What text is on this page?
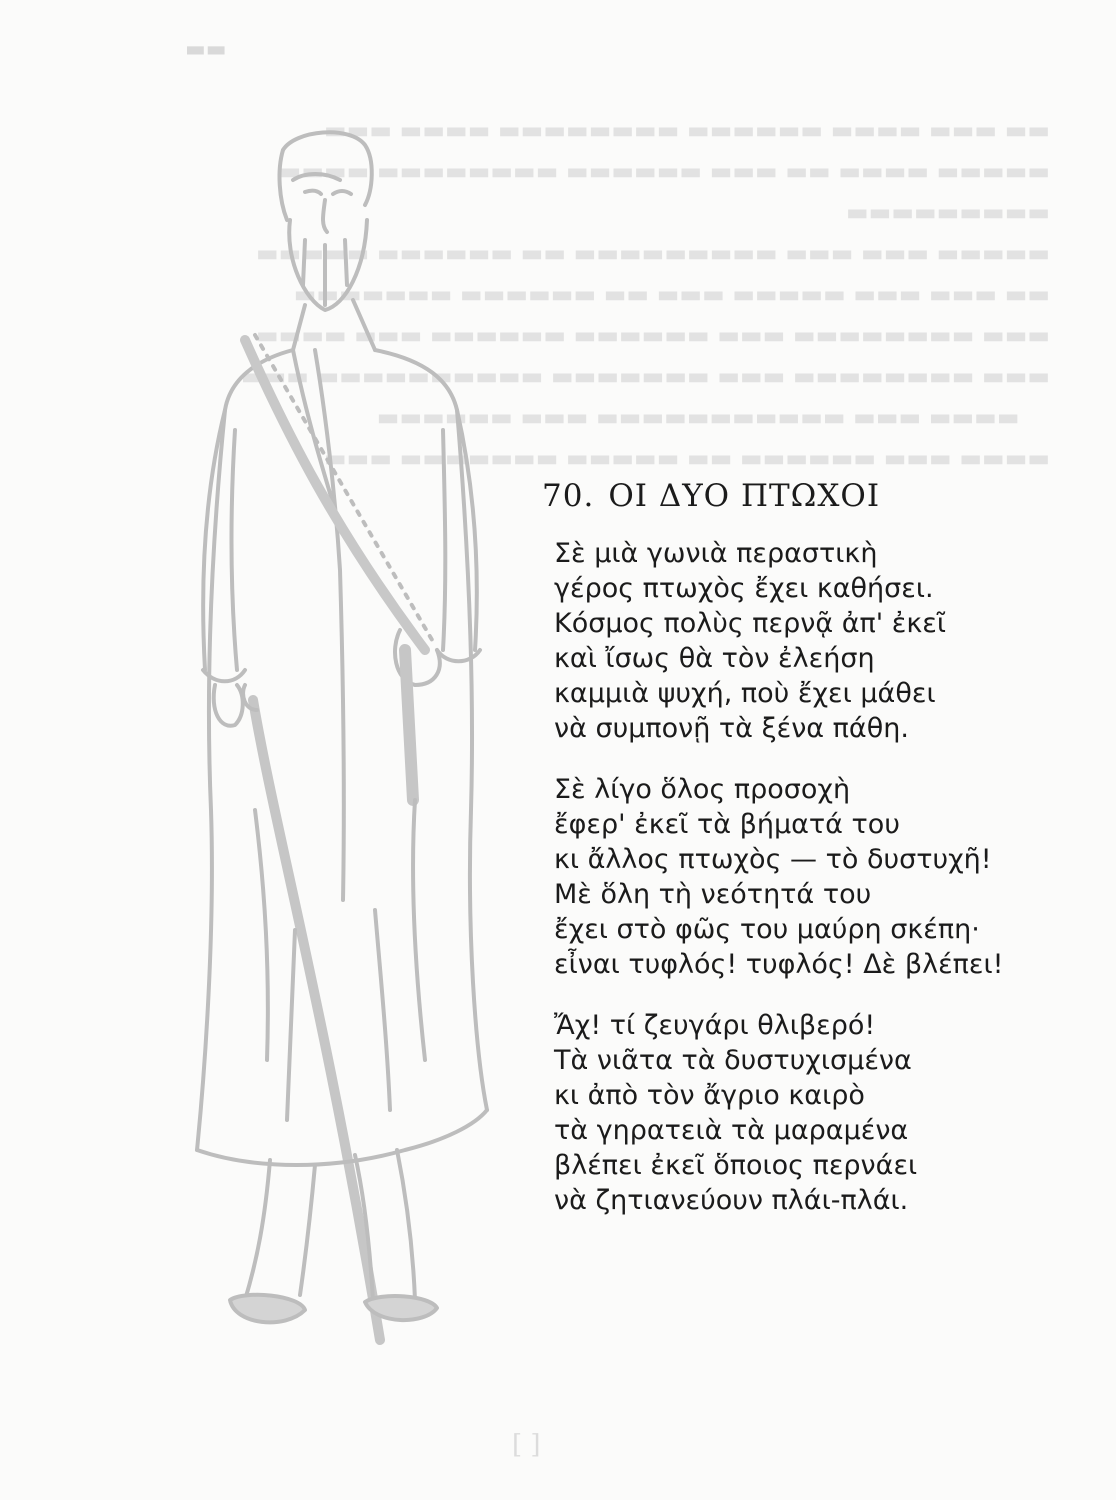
▬▬ ▬▬▬ ▬▬▬▬ ▬▬▬▬▬▬ ▬▬▬▬▬▬▬▬ ▬▬▬▬ ▬▬▬
▬▬▬▬▬ ▬▬▬▬ ▬▬ ▬▬▬ ▬▬▬▬▬▬ ▬▬▬▬▬▬▬▬ ▬▬▬▬
▬▬▬▬▬▬▬▬▬
▬▬▬▬▬ ▬▬▬ ▬▬▬ ▬▬▬▬▬▬▬▬▬ ▬▬ ▬▬▬▬▬▬ ▬▬▬▬▬
▬▬ ▬▬▬ ▬▬▬ ▬▬▬▬▬ ▬▬▬ ▬▬ ▬▬▬▬▬▬ ▬▬▬▬▬▬▬
▬▬▬ ▬▬▬▬▬▬▬▬ ▬▬▬ ▬▬▬▬▬▬ ▬▬▬▬▬▬ ▬▬▬ ▬▬▬▬
▬▬▬ ▬▬▬▬▬▬▬▬ ▬▬▬ ▬▬▬▬▬▬▬ ▬▬▬▬▬▬▬▬▬▬ ▬▬▬
▬▬▬▬ ▬▬▬ ▬▬▬▬▬▬▬▬▬▬▬ ▬▬▬ ▬▬▬▬▬▬
▬▬▬▬ ▬▬▬ ▬▬▬▬▬▬ ▬▬ ▬▬▬▬▬ ▬▬▬▬▬▬▬ ▬▬▬
▬▬
70. ΟΙ ΔΥΟ ΠΤΩΧΟΙ
Σὲ μιὰ γωνιὰ περαστικὴ
γέρος πτωχὸς ἔχει καθήσει.
Κόσμος πολὺς περνᾷ ἀπ' ἐκεῖ
καὶ ἴσως θὰ τὸν ἐλεήση
καμμιὰ ψυχή, ποὺ ἔχει μάθει
νὰ συμπονῇ τὰ ξένα πάθη.
Σὲ λίγο ὅλος προσοχὴ
ἔφερ' ἐκεῖ τὰ βήματά του
κι ἄλλος πτωχὸς — τὸ δυστυχῆ!
Μὲ ὅλη τὴ νεότητά του
ἔχει στὸ φῶς του μαύρη σκέπη·
εἶναι τυφλός! τυφλός! Δὲ βλέπει!
Ἄχ! τί ζευγάρι θλιβερό!
Τὰ νιᾶτα τὰ δυστυχισμένα
κι ἀπὸ τὸν ἄγριο καιρὸ
τὰ γηρατειὰ τὰ μαραμένα
βλέπει ἐκεῖ ὅποιος περνάει
νὰ ζητιανεύουν πλάι-πλάι.
[ ]
